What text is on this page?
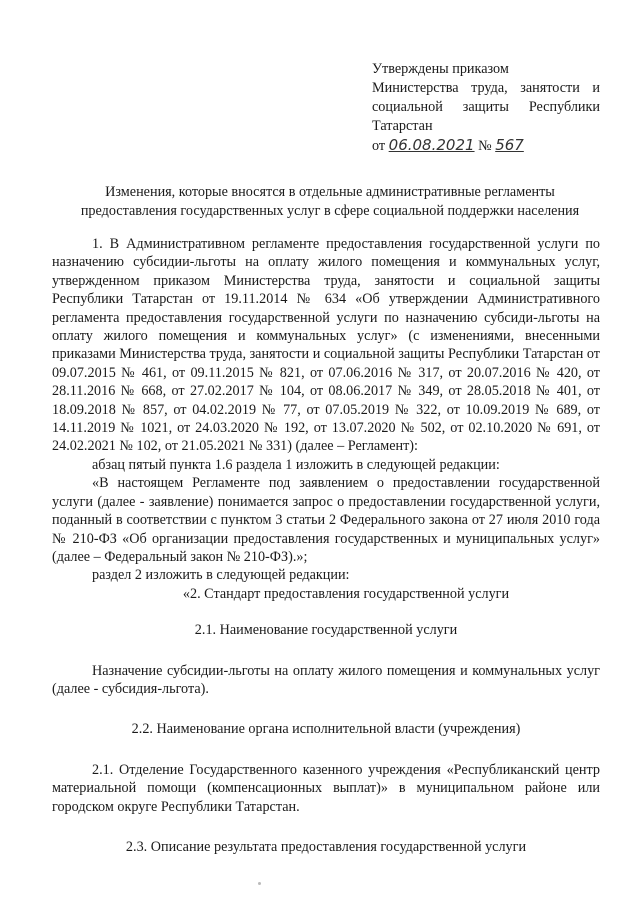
Утверждены приказом
Министерства труда, занятости и
социальной защиты Республики
Татарстан
от 06.08.2021 № 567
Изменения, которые вносятся в отдельные административные регламенты
предоставления государственных услуг в сфере социальной поддержки населения

1. В Административном регламенте предоставления государственной услуги по назначению субсидии-льготы на оплату жилого помещения и коммунальных услуг, утвержденном приказом Министерства труда, занятости и социальной защиты Республики Татарстан от 19.11.2014 № 634 «Об утверждении Административного регламента предоставления государственной услуги по назначению субсиди-льготы на оплату жилого помещения и коммунальных услуг» (с изменениями, внесенными приказами Министерства труда, занятости и социальной защиты Республики Татарстан от 09.07.2015 № 461, от 09.11.2015 № 821, от 07.06.2016 № 317, от 20.07.2016 № 420, от 28.11.2016 № 668, от 27.02.2017 № 104, от 08.06.2017 № 349, от 28.05.2018 № 401, от 18.09.2018 № 857, от 04.02.2019 № 77, от 07.05.2019 № 322, от 10.09.2019 № 689, от 14.11.2019 № 1021, от 24.03.2020 № 192, от 13.07.2020 № 502, от 02.10.2020 № 691, от 24.02.2021 № 102, от 21.05.2021 № 331) (далее – Регламент):

абзац пятый пункта 1.6 раздела 1 изложить в следующей редакции:

«В настоящем Регламенте под заявлением о предоставлении государственной услуги (далее - заявление) понимается запрос о предоставлении государственной услуги, поданный в соответствии с пунктом 3 статьи 2 Федерального закона от 27 июля 2010 года № 210-ФЗ «Об организации предоставления государственных и муниципальных услуг» (далее – Федеральный закон № 210-ФЗ).»;

раздел 2 изложить в следующей редакции:

«2. Стандарт предоставления государственной услуги
2.1. Наименование государственной услуги

Назначение субсидии-льготы на оплату жилого помещения и коммунальных услуг (далее - субсидия-льгота).

2.2. Наименование органа исполнительной власти (учреждения)

2.1. Отделение Государственного казенного учреждения «Республиканский центр материальной помощи (компенсационных выплат)» в муниципальном районе или городском округе Республики Татарстан.

2.3. Описание результата предоставления государственной услуги
